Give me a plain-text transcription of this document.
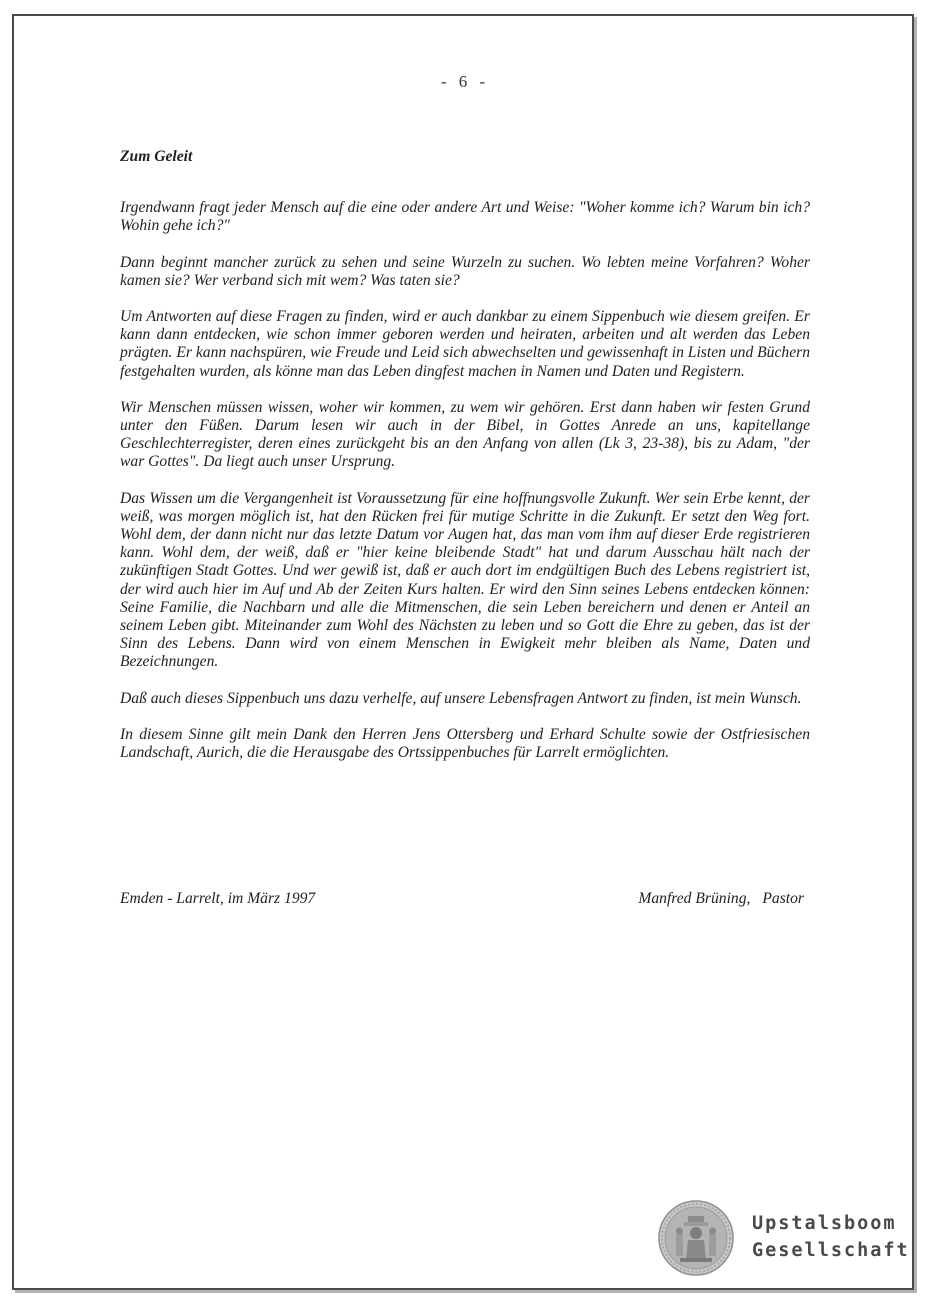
- 6 -
Zum Geleit

Irgendwann fragt jeder Mensch auf die eine oder andere Art und Weise: "Woher komme ich? Warum bin ich? Wohin gehe ich?"

Dann beginnt mancher zurück zu sehen und seine Wurzeln zu suchen. Wo lebten meine Vorfahren? Woher kamen sie? Wer verband sich mit wem? Was taten sie?

Um Antworten auf diese Fragen zu finden, wird er auch dankbar zu einem Sippenbuch wie diesem greifen. Er kann dann entdecken, wie schon immer geboren werden und heiraten, arbeiten und alt werden das Leben prägten. Er kann nachspüren, wie Freude und Leid sich abwechselten und gewissenhaft in Listen und Büchern festgehalten wurden, als könne man das Leben dingfest machen in Namen und Daten und Registern.

Wir Menschen müssen wissen, woher wir kommen, zu wem wir gehören. Erst dann haben wir festen Grund unter den Füßen. Darum lesen wir auch in der Bibel, in Gottes Anrede an uns, kapitellange Geschlechterregister, deren eines zurückgeht bis an den Anfang von allen (Lk 3, 23-38), bis zu Adam, "der war Gottes". Da liegt auch unser Ursprung.

Das Wissen um die Vergangenheit ist Voraussetzung für eine hoffnungsvolle Zukunft. Wer sein Erbe kennt, der weiß, was morgen möglich ist, hat den Rücken frei für mutige Schritte in die Zukunft. Er setzt den Weg fort. Wohl dem, der dann nicht nur das letzte Datum vor Augen hat, das man vom ihm auf dieser Erde registrieren kann. Wohl dem, der weiß, daß er "hier keine bleibende Stadt" hat und darum Ausschau hält nach der zukünftigen Stadt Gottes. Und wer gewiß ist, daß er auch dort im endgültigen Buch des Lebens registriert ist, der wird auch hier im Auf und Ab der Zeiten Kurs halten. Er wird den Sinn seines Lebens entdecken können: Seine Familie, die Nachbarn und alle die Mitmenschen, die sein Leben bereichern und denen er Anteil an seinem Leben gibt. Miteinander zum Wohl des Nächsten zu leben und so Gott die Ehre zu geben, das ist der Sinn des Lebens. Dann wird von einem Menschen in Ewigkeit mehr bleiben als Name, Daten und Bezeichnungen.

Daß auch dieses Sippenbuch uns dazu verhelfe, auf unsere Lebensfragen Antwort zu finden, ist mein Wunsch.

In diesem Sinne gilt mein Dank den Herren Jens Ottersberg und Erhard Schulte sowie der Ostfriesischen Landschaft, Aurich, die die Herausgabe des Ortssippenbuches für Larrelt ermöglichten.

Emden - Larrelt, im März 1997	Manfred Brüning, Pastor
Upstalsboom
Gesellschaft
